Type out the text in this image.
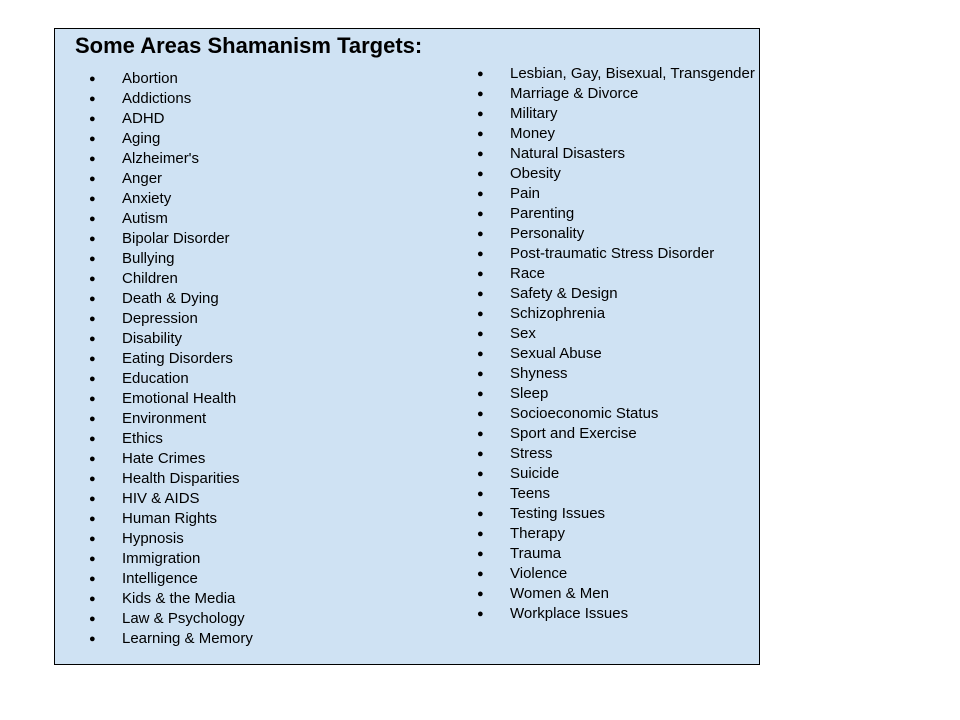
Some Areas Shamanism Targets:
● Abortion
● Addictions
● ADHD
● Aging
● Alzheimer's
● Anger
● Anxiety
● Autism
● Bipolar Disorder
● Bullying
● Children
● Death & Dying
● Depression
● Disability
● Eating Disorders
● Education
● Emotional Health
● Environment
● Ethics
● Hate Crimes
● Health Disparities
● HIV & AIDS
● Human Rights
● Hypnosis
● Immigration
● Intelligence
● Kids & the Media
● Law & Psychology
● Learning & Memory
● Lesbian, Gay, Bisexual, Transgender
● Marriage & Divorce
● Military
● Money
● Natural Disasters
● Obesity
● Pain
● Parenting
● Personality
● Post-traumatic Stress Disorder
● Race
● Safety & Design
● Schizophrenia
● Sex
● Sexual Abuse
● Shyness
● Sleep
● Socioeconomic Status
● Sport and Exercise
● Stress
● Suicide
● Teens
● Testing Issues
● Therapy
● Trauma
● Violence
● Women & Men
● Workplace Issues
